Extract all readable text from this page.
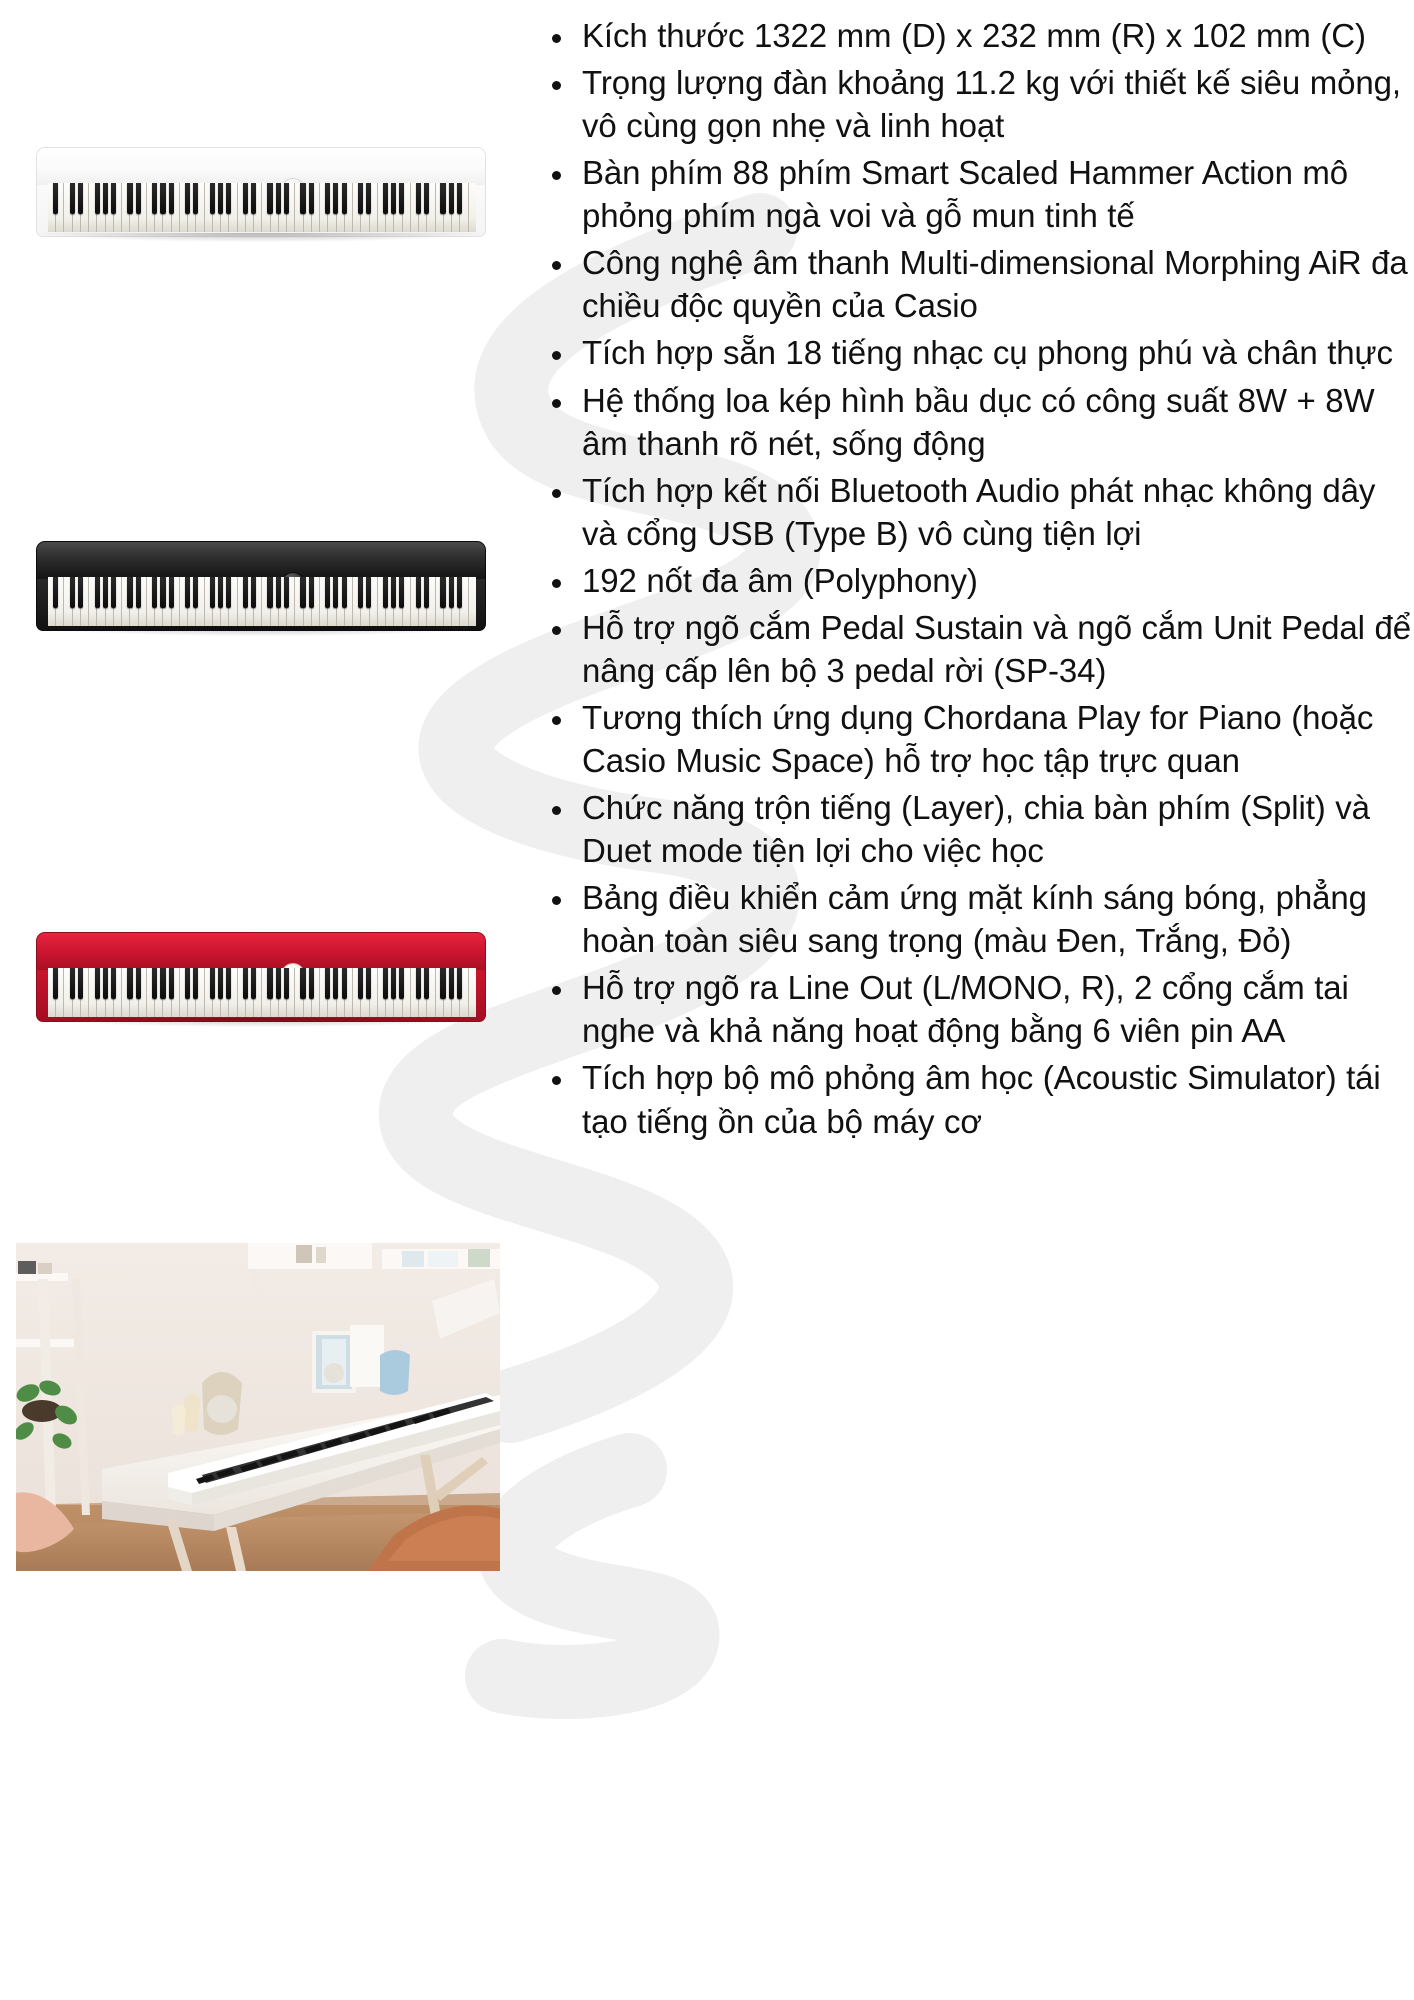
Kích thước 1322 mm (D) x 232 mm (R) x 102 mm (C)
Trọng lượng đàn khoảng 11.2 kg với thiết kế siêu mỏng, vô cùng gọn nhẹ và linh hoạt
Bàn phím 88 phím Smart Scaled Hammer Action mô phỏng phím ngà voi và gỗ mun tinh tế
Công nghệ âm thanh Multi-dimensional Morphing AiR đa chiều độc quyền của Casio
Tích hợp sẵn 18 tiếng nhạc cụ phong phú và chân thực
Hệ thống loa kép hình bầu dục có công suất 8W + 8W âm thanh rõ nét, sống động
Tích hợp kết nối Bluetooth Audio phát nhạc không dây và cổng USB (Type B) vô cùng tiện lợi
192 nốt đa âm (Polyphony)
Hỗ trợ ngõ cắm Pedal Sustain và ngõ cắm Unit Pedal để nâng cấp lên bộ 3 pedal rời (SP-34)
Tương thích ứng dụng Chordana Play for Piano (hoặc Casio Music Space) hỗ trợ học tập trực quan
Chức năng trộn tiếng (Layer), chia bàn phím (Split) và Duet mode tiện lợi cho việc học
Bảng điều khiển cảm ứng mặt kính sáng bóng, phẳng hoàn toàn siêu sang trọng (màu Đen, Trắng, Đỏ)
Hỗ trợ ngõ ra Line Out (L/MONO, R), 2 cổng cắm tai nghe và khả năng hoạt động bằng 6 viên pin AA
Tích hợp bộ mô phỏng âm học (Acoustic Simulator) tái tạo tiếng ồn của bộ máy cơ
